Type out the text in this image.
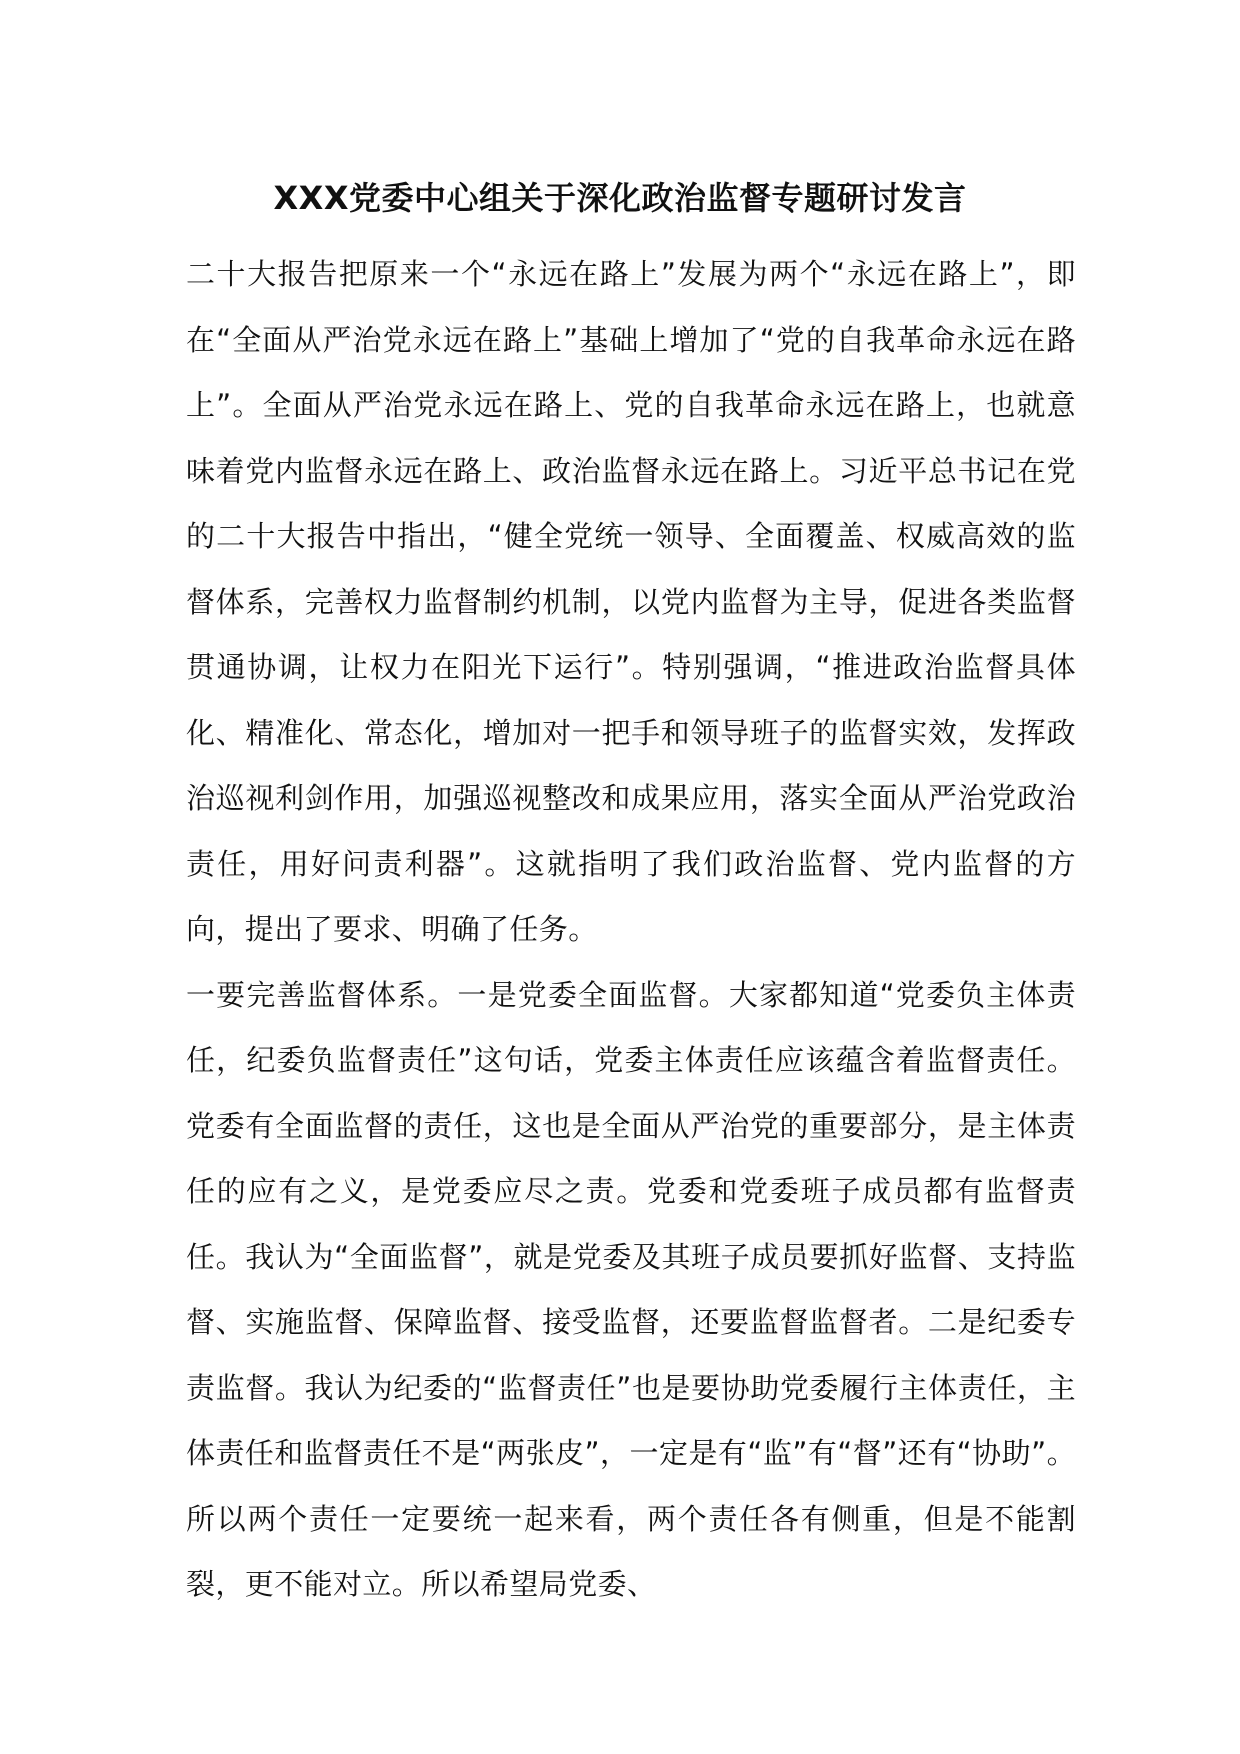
XXX党委中心组关于深化政治监督专题研讨发言

二十大报告把原来一个“永远在路上”发展为两个“永远在路上”，即在“全面从严治党永远在路上”基础上增加了“党的自我革命永远在路上”。全面从严治党永远在路上、党的自我革命永远在路上，也就意味着党内监督永远在路上、政治监督永远在路上。习近平总书记在党的二十大报告中指出，“健全党统一领导、全面覆盖、权威高效的监督体系，完善权力监督制约机制，以党内监督为主导，促进各类监督贯通协调，让权力在阳光下运行”。特别强调，“推进政治监督具体化、精准化、常态化，增加对一把手和领导班子的监督实效，发挥政治巡视利剑作用，加强巡视整改和成果应用，落实全面从严治党政治责任，用好问责利器”。这就指明了我们政治监督、党内监督的方向，提出了要求、明确了任务。

一要完善监督体系。一是党委全面监督。大家都知道“党委负主体责任，纪委负监督责任”这句话，党委主体责任应该蕴含着监督责任。党委有全面监督的责任，这也是全面从严治党的重要部分，是主体责任的应有之义，是党委应尽之责。党委和党委班子成员都有监督责任。我认为“全面监督”，就是党委及其班子成员要抓好监督、支持监督、实施监督、保障监督、接受监督，还要监督监督者。二是纪委专责监督。我认为纪委的“监督责任”也是要协助党委履行主体责任，主体责任和监督责任不是“两张皮”，一定是有“监”有“督”还有“协助”。所以两个责任一定要统一起来看，两个责任各有侧重，但是不能割裂，更不能对立。所以希望局党委、
